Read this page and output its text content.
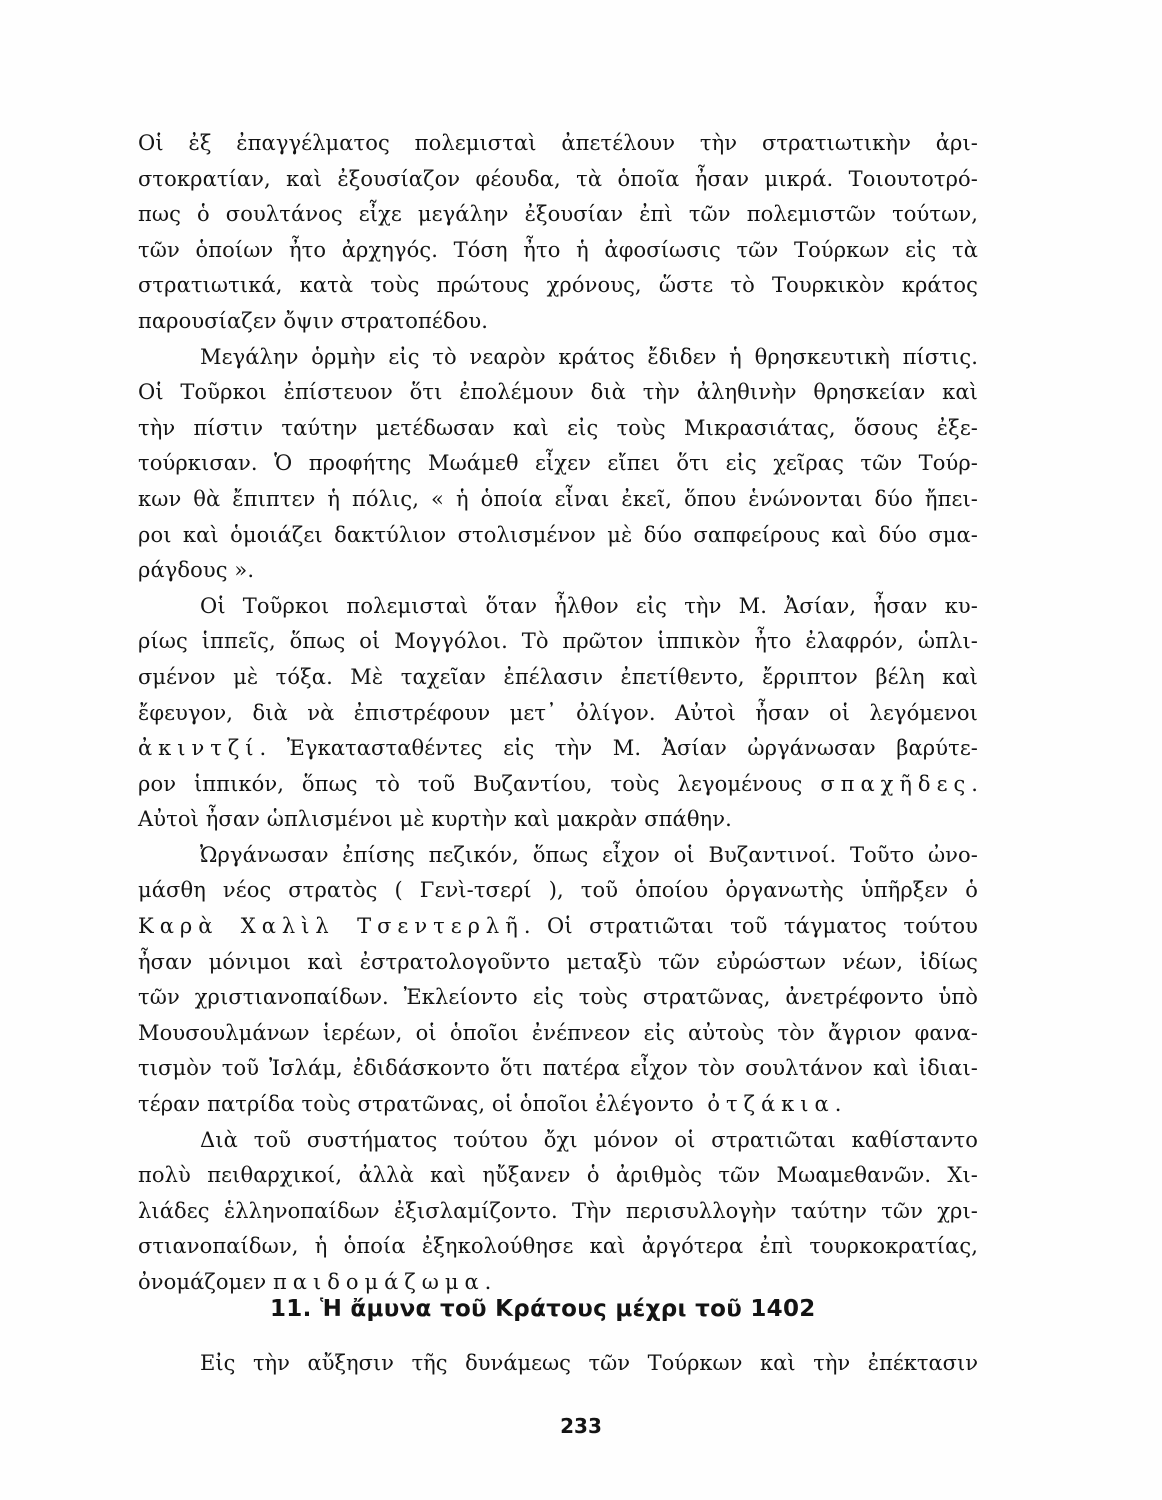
Οἱ ἐξ ἐπαγγέλματος πολεμισταὶ ἀπετέλουν τὴν στρατιωτικὴν ἀρι-
στοκρατίαν, καὶ ἐξουσίαζον φέουδα, τὰ ὁποῖα ἦσαν μικρά. Τοιουτοτρό-
πως ὁ σουλτάνος εἶχε μεγάλην ἐξουσίαν ἐπὶ τῶν πολεμιστῶν τούτων,
τῶν ὁποίων ἦτο ἀρχηγός. Τόση ἦτο ἡ ἀφοσίωσις τῶν Τούρκων εἰς τὰ
στρατιωτικά, κατὰ τοὺς πρώτους χρόνους, ὥστε τὸ Τουρκικὸν κράτος
παρουσίαζεν ὄψιν στρατοπέδου.
Μεγάλην ὁρμὴν εἰς τὸ νεαρὸν κράτος ἔδιδεν ἡ θρησκευτικὴ πίστις.
Οἱ Τοῦρκοι ἐπίστευον ὅτι ἐπολέμουν διὰ τὴν ἀληθινὴν θρησκείαν καὶ
τὴν πίστιν ταύτην μετέδωσαν καὶ εἰς τοὺς Μικρασιάτας, ὅσους ἐξε-
τούρκισαν. Ὁ προφήτης Μωάμεθ εἶχεν εἴπει ὅτι εἰς χεῖρας τῶν Τούρ-
κων θὰ ἔπιπτεν ἡ πόλις, « ἡ ὁποία εἶναι ἐκεῖ, ὅπου ἑνώνονται δύο ἤπει-
ροι καὶ ὁμοιάζει δακτύλιον στολισμένον μὲ δύο σαπφείρους καὶ δύο σμα-
ράγδους ».
Οἱ Τοῦρκοι πολεμισταὶ ὅταν ἦλθον εἰς τὴν Μ. Ἀσίαν, ἦσαν κυ-
ρίως ἱππεῖς, ὅπως οἱ Μογγόλοι. Τὸ πρῶτον ἱππικὸν ἦτο ἐλαφρόν, ὡπλι-
σμένον μὲ τόξα. Μὲ ταχεῖαν ἐπέλασιν ἐπετίθεντο, ἔρριπτον βέλη καὶ
ἔφευγον, διὰ νὰ ἐπιστρέφουν μετ᾽ ὀλίγον. Αὐτοὶ ἦσαν οἱ λεγόμενοι
ἀκιντζί. Ἐγκατασταθέντες εἰς τὴν Μ. Ἀσίαν ὠργάνωσαν βαρύτε-
ρον ἱππικόν, ὅπως τὸ τοῦ Βυζαντίου, τοὺς λεγομένους σπαχῆδες.
Αὐτοὶ ἦσαν ὡπλισμένοι μὲ κυρτὴν καὶ μακρὰν σπάθην.
Ὠργάνωσαν ἐπίσης πεζικόν, ὅπως εἶχον οἱ Βυζαντινοί. Τοῦτο ὠνο-
μάσθη νέος στρατὸς ( Γενὶ-τσερί ), τοῦ ὁποίου ὀργανωτὴς ὑπῆρξεν ὁ
Καρὰ Χαλὶλ Τσεντερλῆ. Οἱ στρατιῶται τοῦ τάγματος τούτου
ἦσαν μόνιμοι καὶ ἐστρατολογοῦντο μεταξὺ τῶν εὐρώστων νέων, ἰδίως
τῶν χριστιανοπαίδων. Ἐκλείοντο εἰς τοὺς στρατῶνας, ἀνετρέφοντο ὑπὸ
Μουσουλμάνων ἱερέων, οἱ ὁποῖοι ἐνέπνεον εἰς αὐτοὺς τὸν ἄγριον φανα-
τισμὸν τοῦ Ἰσλάμ, ἐδιδάσκοντο ὅτι πατέρα εἶχον τὸν σουλτάνον καὶ ἰδιαι-
τέραν πατρίδα τοὺς στρατῶνας, οἱ ὁποῖοι ἐλέγοντο ὀτζάκια.
Διὰ τοῦ συστήματος τούτου ὄχι μόνον οἱ στρατιῶται καθίσταντο
πολὺ πειθαρχικοί, ἀλλὰ καὶ ηὔξανεν ὁ ἀριθμὸς τῶν Μωαμεθανῶν. Χι-
λιάδες ἑλληνοπαίδων ἐξισλαμίζοντο. Τὴν περισυλλογὴν ταύτην τῶν χρι-
στιανοπαίδων, ἡ ὁποία ἐξηκολούθησε καὶ ἀργότερα ἐπὶ τουρκοκρατίας,
ὀνομάζομεν παιδομάζωμα.
11. Ἡ ἄμυνα τοῦ Κράτους μέχρι τοῦ 1402
Εἰς τὴν αὔξησιν τῆς δυνάμεως τῶν Τούρκων καὶ τὴν ἐπέκτασιν
233
